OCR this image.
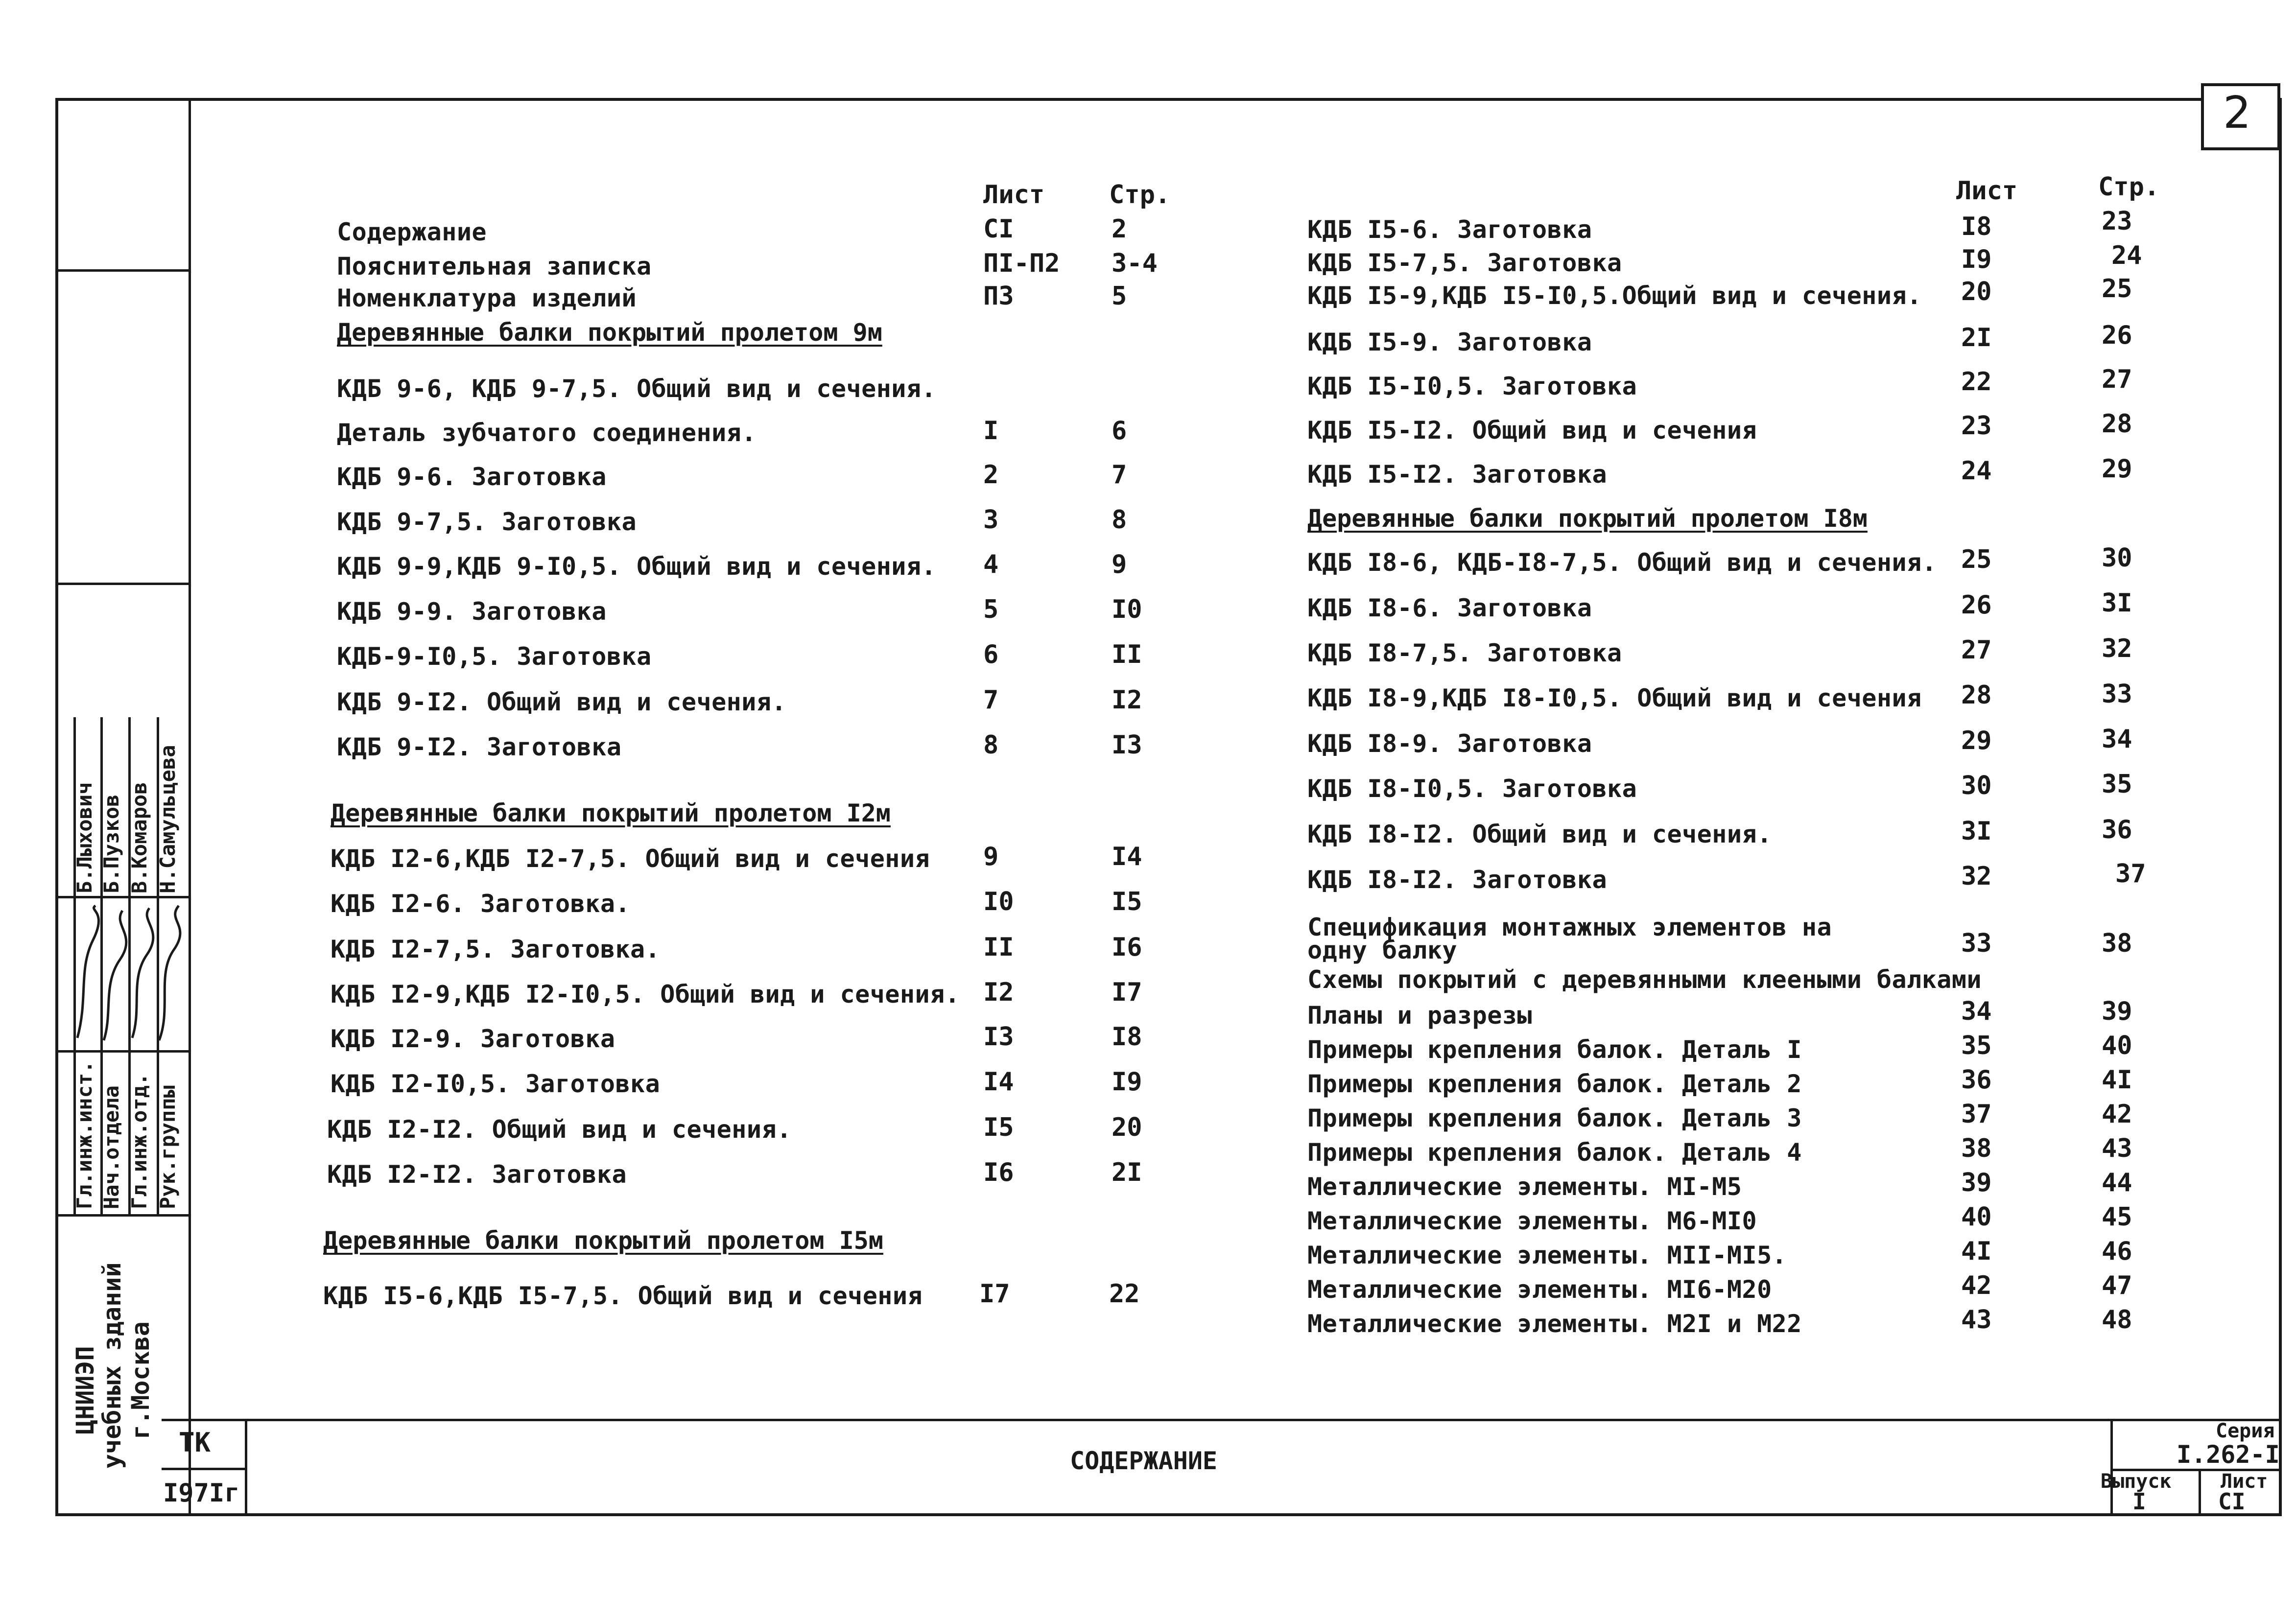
2
Гл.инж.инст. Нач.отдела Гл.инж.отд. Рук.группы
Б.Лыхович Б.Пузков В.Комаров Н.Самульцева
ЦНИИЭП
учебных зданий г.Москва
Лист	Стр.	Лист	Стр.
Содержание	CI	2
Пояснительная записка	ПI-П2 3-4
Номенклатура изделий	П3	5
Деревянные балки покрытий пролетом 9м
КДБ 9-6, КДБ 9-7,5. Общий вид и сечения.
Деталь зубчатого соединения.	I	6
КДБ 9-6. Заготовка	2	7
КДБ 9-7,5. Заготовка	3	8
КДБ 9-9,КДБ 9-I0,5. Общий вид и сечения. 4	9
КДБ 9-9. Заготовка	5	I0
КДБ-9-I0,5. Заготовка	6	II
КДБ 9-I2. Общий вид и сечения.	7	I2
КДБ 9-I2. Заготовка	8	I3
Деревянные балки покрытий пролетом I2м
КДБ I2-6,КДБ I2-7,5. Общий вид и сечения 9	I4
КДБ I2-6. Заготовка.	I0	I5
КДБ I2-7,5. Заготовка.	II	I6
КДБ I2-9,КДБ I2-I0,5. Общий вид и сечения. I2	I7
КДБ I2-9. Заготовка	I3	I8
КДБ I2-I0,5. Заготовка	I4	I9
КДБ I2-I2. Общий вид и сечения.	I5	20
КДБ I2-I2. Заготовка	I6	2I
Деревянные балки покрытий пролетом I5м
КДБ I5-6,КДБ I5-7,5. Общий вид и сечения I7	22
КДБ I5-6. Заготовка	I8	23
КДБ I5-7,5. Заготовка	I9	24
КДБ I5-9,КДБ I5-I0,5.Общий вид и сечения. 20	25
КДБ I5-9. Заготовка	2I	26
КДБ I5-I0,5. Заготовка	22	27
КДБ I5-I2. Общий вид и сечения	23	28
КДБ I5-I2. Заготовка	24	29
Деревянные балки покрытий пролетом I8м
КДБ I8-6, КДБ-I8-7,5. Общий вид и сечения. 25	30
КДБ I8-6. Заготовка	26	3I
КДБ I8-7,5. Заготовка	27	32
КДБ I8-9,КДБ I8-I0,5. Общий вид и сечения 28	33
КДБ I8-9. Заготовка	29	34
КДБ I8-I0,5. Заготовка	30	35
КДБ I8-I2. Общий вид и сечения.	3I	36
КДБ I8-I2. Заготовка	32	37
Спецификация монтажных элементов на
одну балку	33	38
Схемы покрытий с деревянными клееными балками
Планы и разрезы	34	39
Примеры крепления балок. Деталь I	35	40
Примеры крепления балок. Деталь 2	36	4I
Примеры крепления балок. Деталь 3	37	42
Примеры крепления балок. Деталь 4	38	43
Металлические элементы. МI-М5	39	44
Металлические элементы. М6-МI0	40	45
Металлические элементы. МII-МI5.	4I	46
Металлические элементы. МI6-М20	42	47
Металлические элементы. М2I и М22	43	48
ТК
I97Iг
СОДЕРЖАНИЕ
Серия
I.262-I
Выпуск
I
Лист
CI
